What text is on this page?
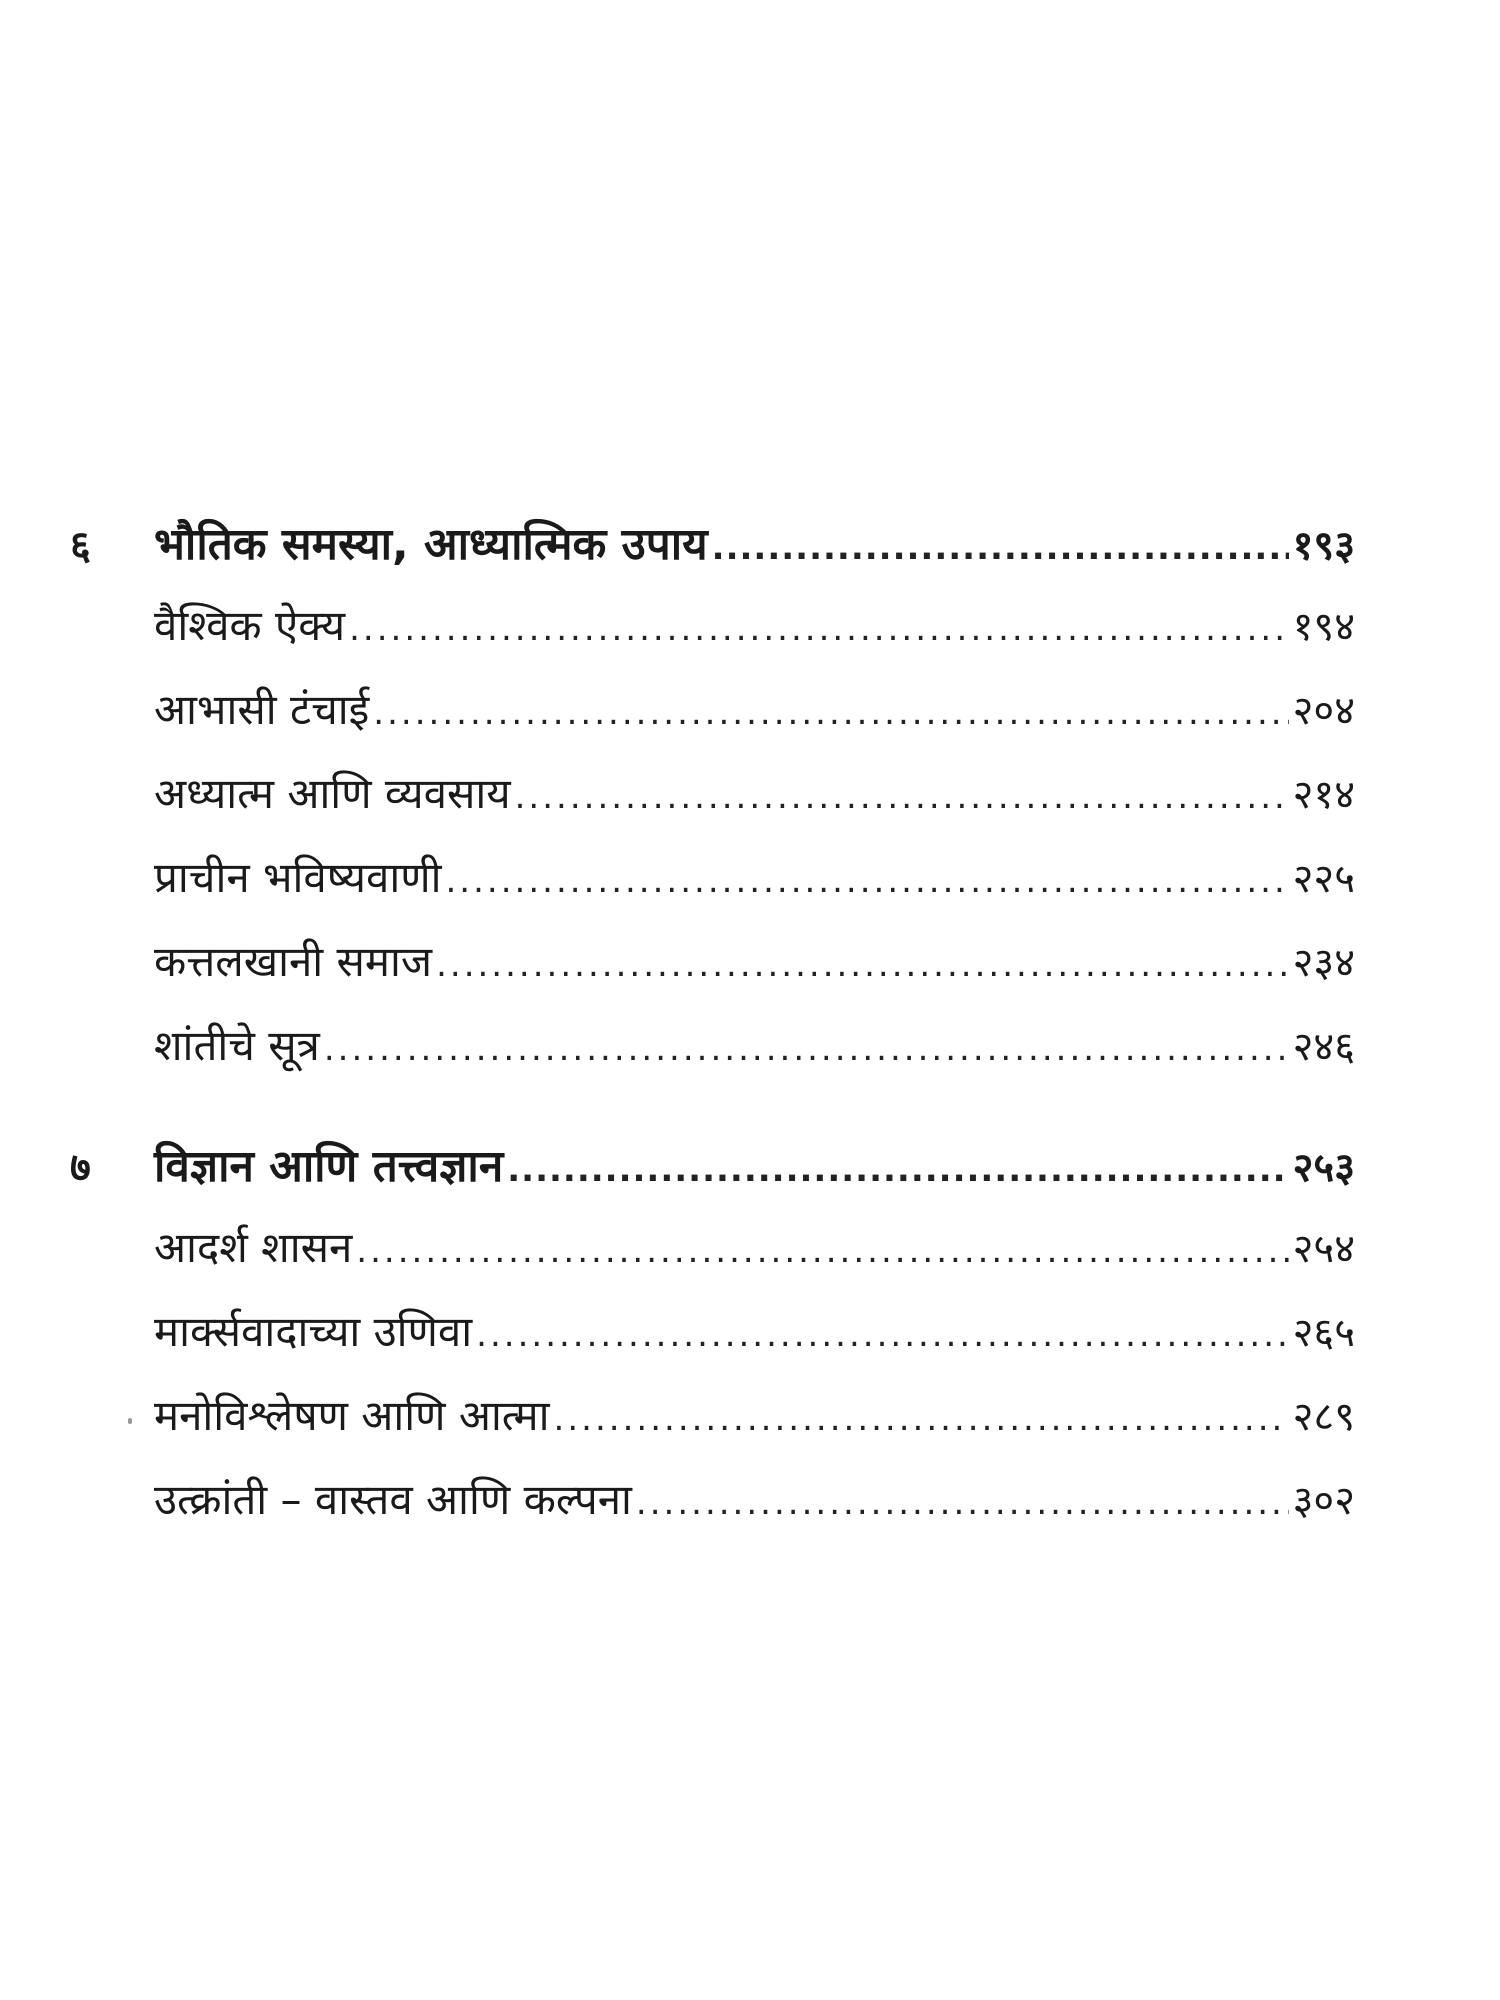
६	भौतिक समस्या, आध्यात्मिक उपाय .....	१९३
वैश्विक ऐक्य .....	१९४
आभासी टंचाई .....	२०४
अध्यात्म आणि व्यवसाय .....	२१४
प्राचीन भविष्यवाणी .....	२२५
कत्तलखानी समाज .....	२३४
शांतीचे सूत्र .....	२४६
७	विज्ञान आणि तत्त्वज्ञान .....	२५३
आदर्श शासन .....	२५४
मार्क्सवादाच्या उणिवा .....	२६५
मनोविश्लेषण आणि आत्मा .....	२८९
उत्क्रांती – वास्तव आणि कल्पना .....	३०२
